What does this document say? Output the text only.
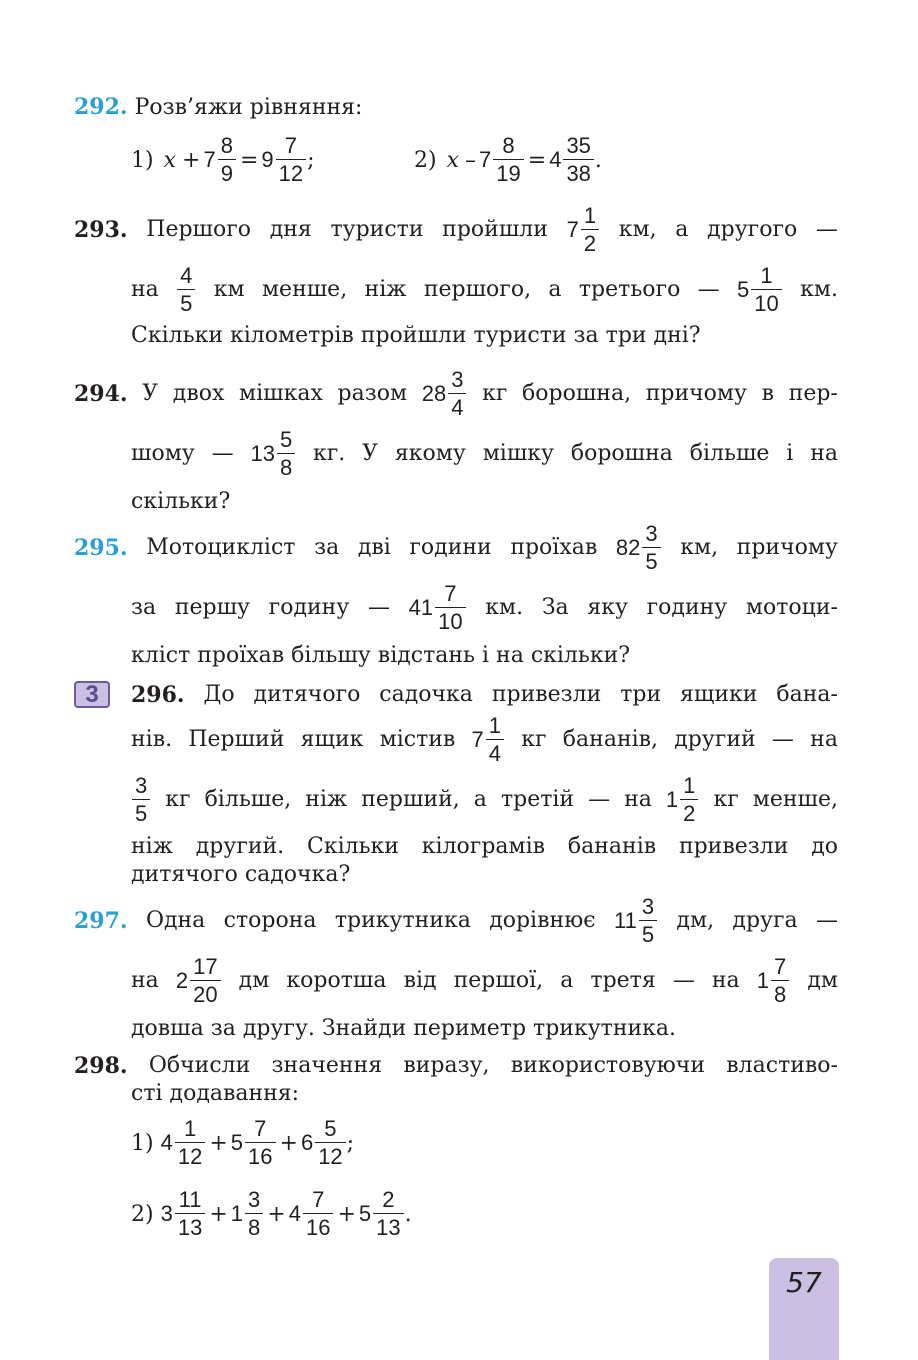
292. Розв’яжи рівняння:
1) x + 7
8
9
= 9
7
12
;	2) x – 7
8
19
= 4
35
38
.
293. Першого дня туристи пройшли 7
1
2
км, а другого —
на
4
5
км менше, ніж першого, а третього — 5
1
10
км.
Скільки кілометрів пройшли туристи за три дні?
294. У двох мішках разом 28
3
4
кг борошна, причому в пер-
шому — 13
5
8
кг. У якому мішку борошна більше і на
скільки?
295. Мотоцикліст за дві години проїхав 82
3
5
км, причому
за першу годину — 41
7
10
км. За яку годину мотоци-
кліст проїхав більшу відстань і на скільки?
3	296. До дитячого садочка привезли три ящики бана-
нів. Перший ящик містив 7
1
4
кг бананів, другий — на
3
5
кг більше, ніж перший, а третій — на 1
1
2
кг менше,
ніж другий. Скільки кілограмів бананів привезли до
дитячого садочка?
297. Одна сторона трикутника дорівнює 11
3
5
дм, друга —
на 2
17
20
дм коротша від першої, а третя — на 1
7
8
дм
довша за другу. Знайди периметр трикутника.
298. Обчисли значення виразу, використовуючи властиво-
сті додавання:
1) 4
1
12
+ 5
7
16
+ 6
5
12
;
2) 3
11
13
+ 1
3
8
+ 4
7
16
+ 5
2
13
.
57
